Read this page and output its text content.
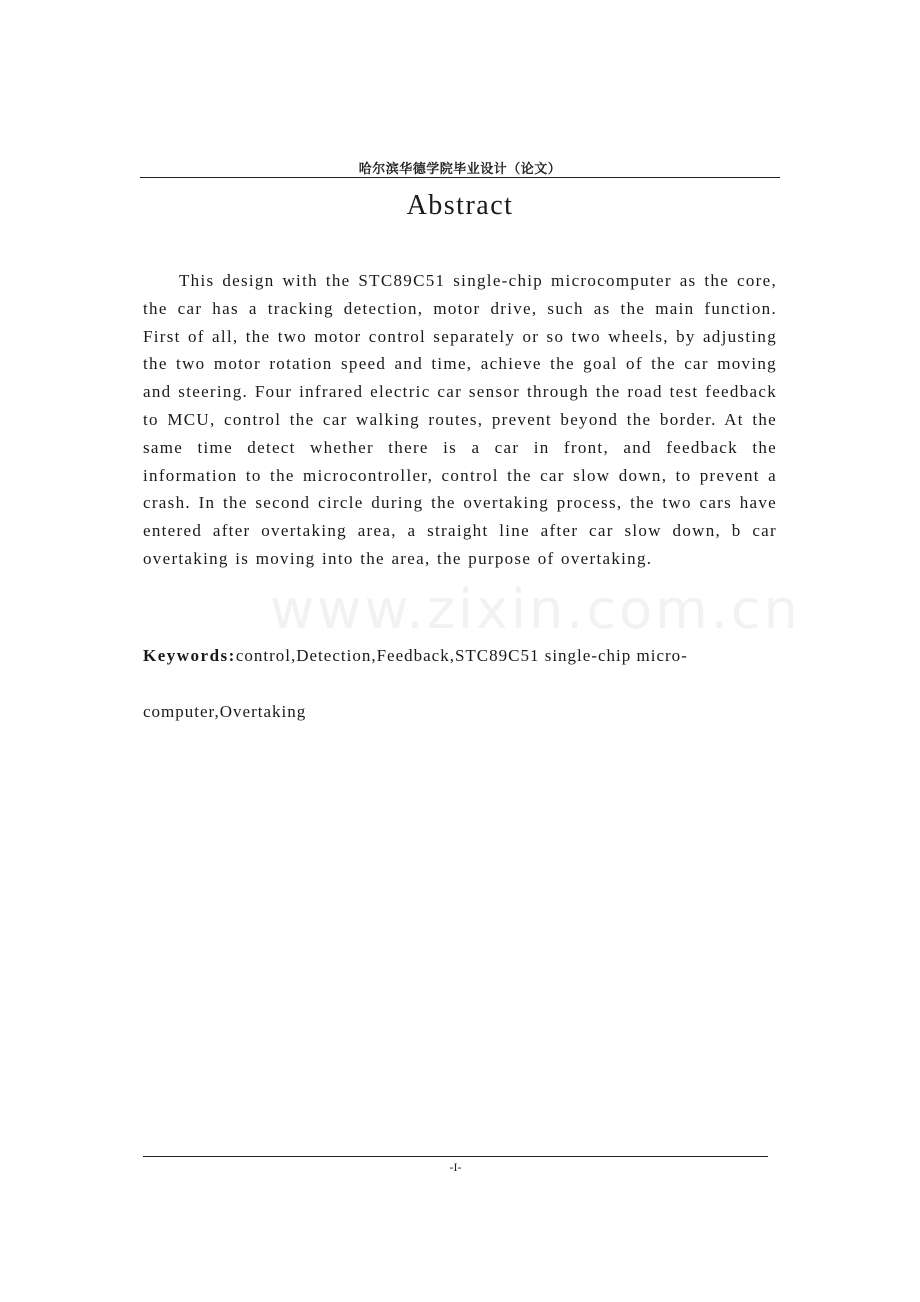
哈尔滨华德学院毕业设计（论文）
Abstract

This design with the STC89C51 single-chip microcomputer as the core, the car has a tracking detection, motor drive, such as the main function. First of all, the two motor control separately or so two wheels, by adjusting the two motor rotation speed and time, achieve the goal of the car moving and steering. Four infrared electric car sensor through the road test feedback to MCU, control the car walking routes, prevent beyond the border. At the same time detect whether there is a car in front, and feedback the information to the microcontroller, control the car slow down, to prevent a crash. In the second circle during the overtaking process, the two cars have entered after overtaking area, a straight line after car slow down, b car overtaking is moving into the area, the purpose of overtaking.

www.zixin.com.cn

Keywords:control,Detection,Feedback,STC89C51 single-chip micro-computer,Overtaking

-I-
